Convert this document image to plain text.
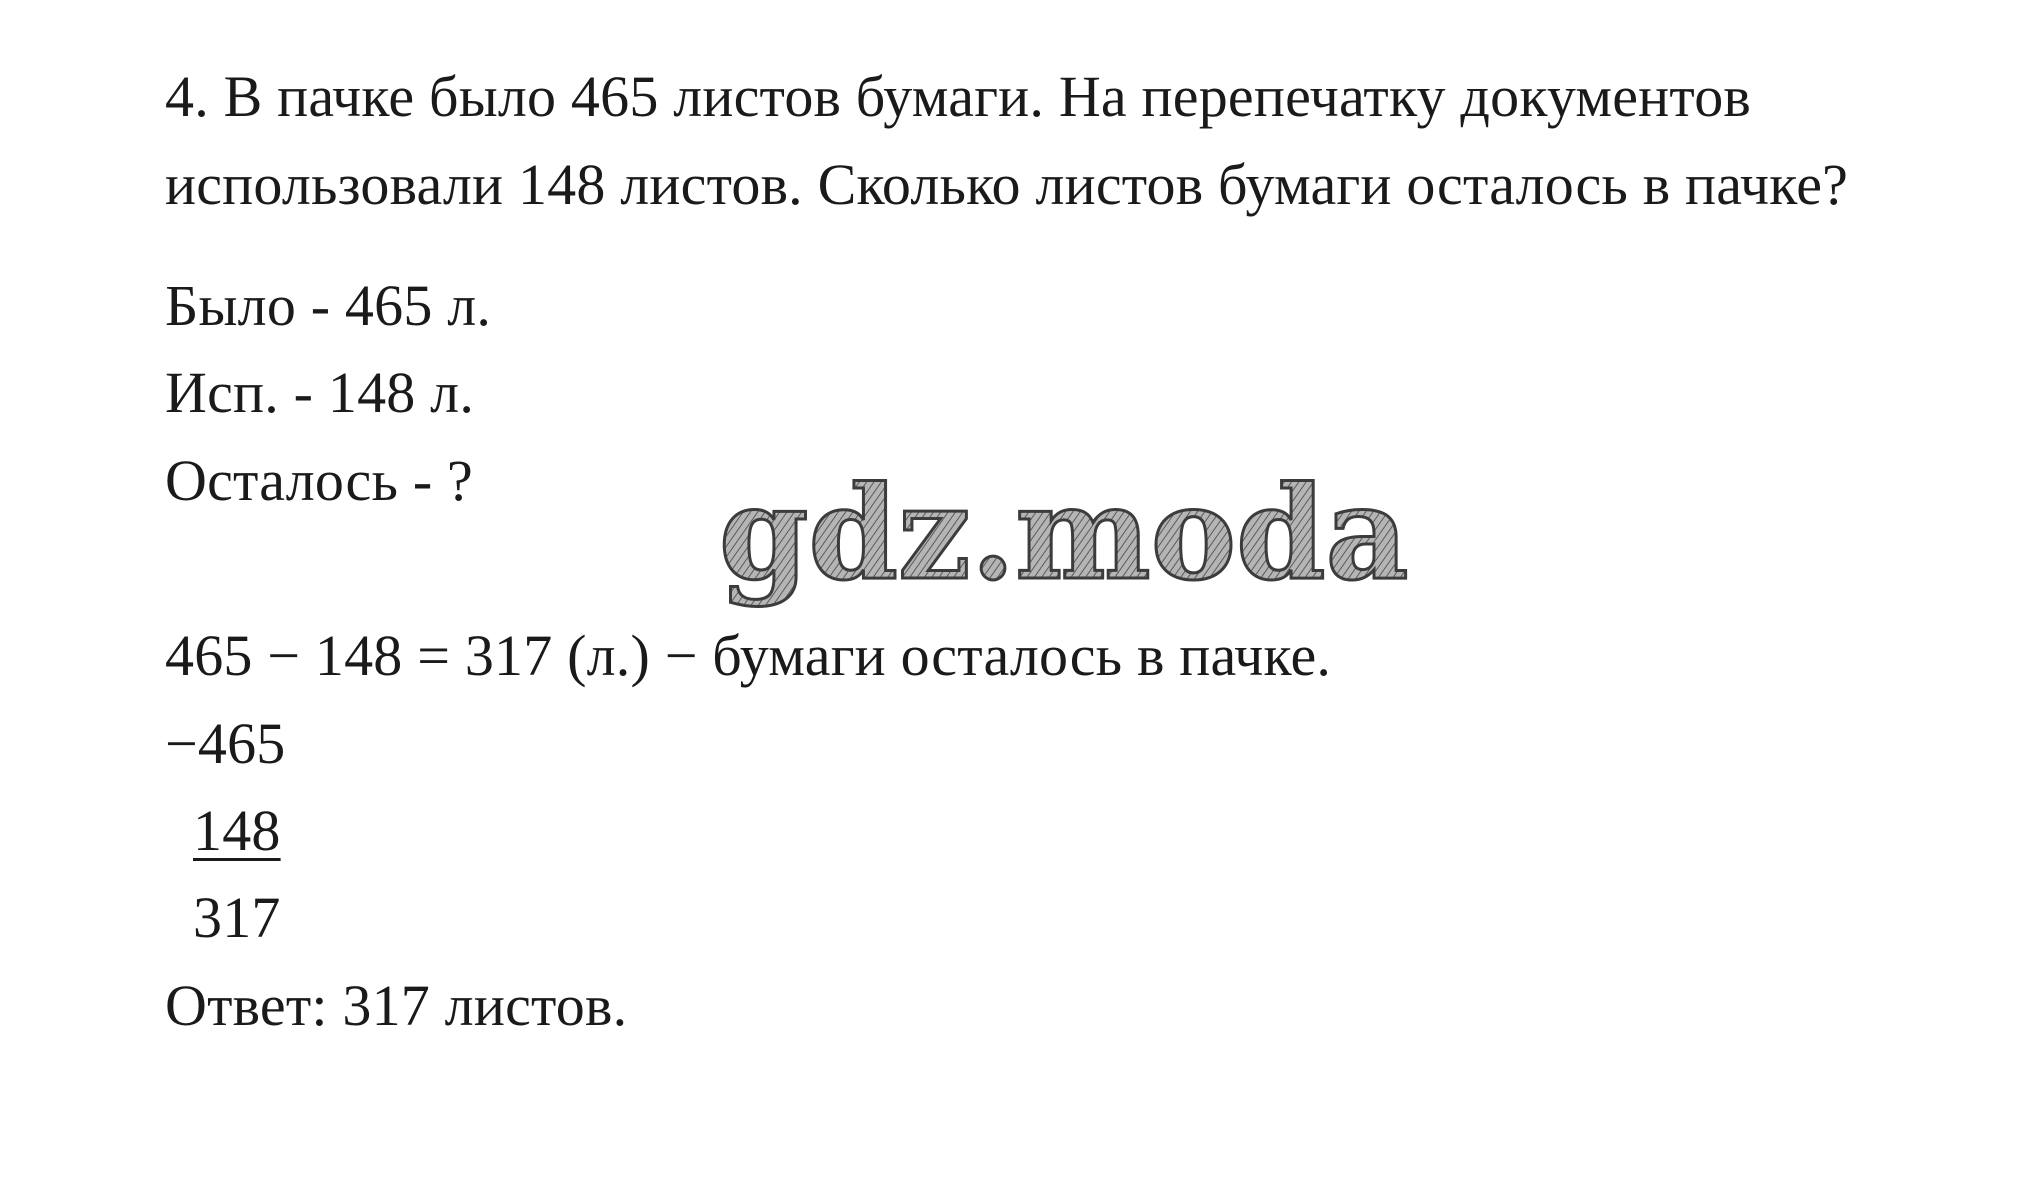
4. В пачке было 465 листов бумаги. На перепечатку документов
использовали 148 листов. Сколько листов бумаги осталось в пачке?
Было - 465 л.
Исп. - 148 л.
Осталось - ? gdz.moda
465 − 148 = 317 (л.) − бумаги осталось в пачке.
−465
148
317
Ответ: 317 листов.
